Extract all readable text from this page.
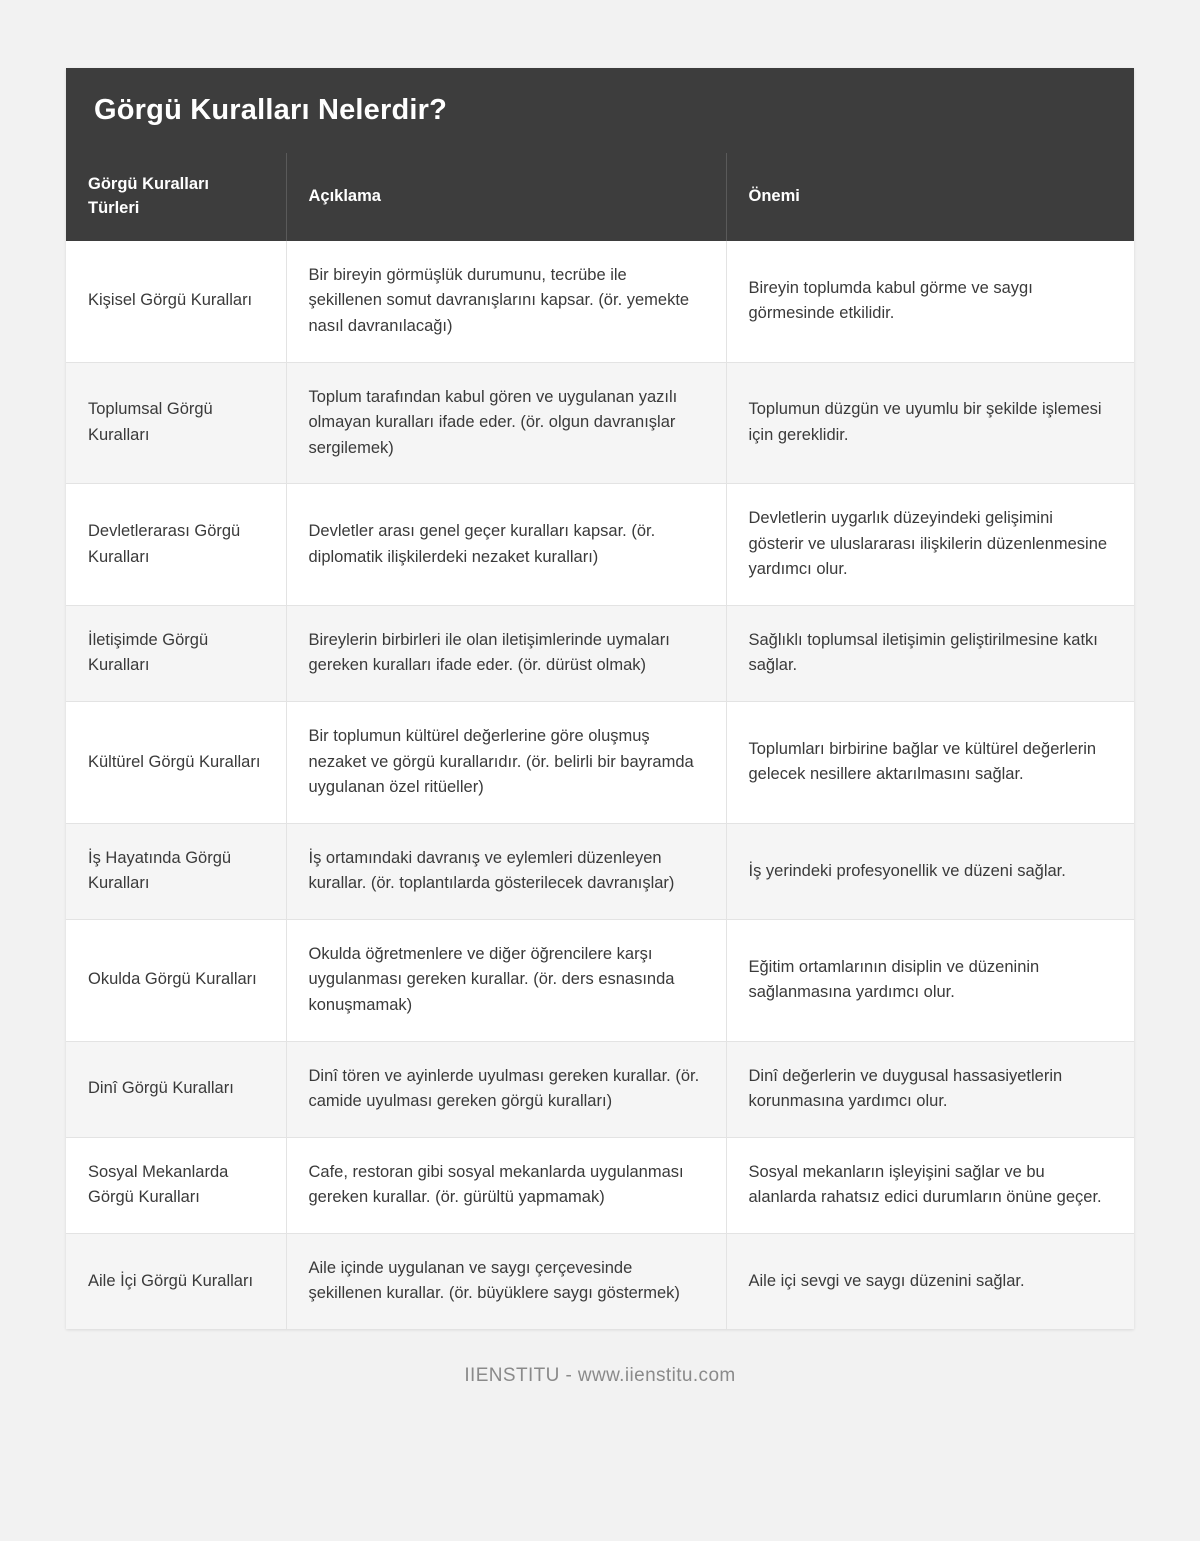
Görgü Kuralları Nelerdir?
Görgü Kuralları Türleri	Açıklama	Önemi
Kişisel Görgü Kuralları	Bir bireyin görmüşlük durumunu, tecrübe ile şekillenen somut davranışlarını kapsar. (ör. yemekte nasıl davranılacağı)	Bireyin toplumda kabul görme ve saygı görmesinde etkilidir.
Toplumsal Görgü Kuralları	Toplum tarafından kabul gören ve uygulanan yazılı olmayan kuralları ifade eder. (ör. olgun davranışlar sergilemek)	Toplumun düzgün ve uyumlu bir şekilde işlemesi için gereklidir.
Devletlerarası Görgü Kuralları	Devletler arası genel geçer kuralları kapsar. (ör. diplomatik ilişkilerdeki nezaket kuralları)	Devletlerin uygarlık düzeyindeki gelişimini gösterir ve uluslararası ilişkilerin düzenlenmesine yardımcı olur.
İletişimde Görgü Kuralları	Bireylerin birbirleri ile olan iletişimlerinde uymaları gereken kuralları ifade eder. (ör. dürüst olmak)	Sağlıklı toplumsal iletişimin geliştirilmesine katkı sağlar.
Kültürel Görgü Kuralları	Bir toplumun kültürel değerlerine göre oluşmuş nezaket ve görgü kurallarıdır. (ör. belirli bir bayramda uygulanan özel ritüeller)	Toplumları birbirine bağlar ve kültürel değerlerin gelecek nesillere aktarılmasını sağlar.
İş Hayatında Görgü Kuralları	İş ortamındaki davranış ve eylemleri düzenleyen kurallar. (ör. toplantılarda gösterilecek davranışlar)	İş yerindeki profesyonellik ve düzeni sağlar.
Okulda Görgü Kuralları	Okulda öğretmenlere ve diğer öğrencilere karşı uygulanması gereken kurallar. (ör. ders esnasında konuşmamak)	Eğitim ortamlarının disiplin ve düzeninin sağlanmasına yardımcı olur.
Dinî Görgü Kuralları	Dinî tören ve ayinlerde uyulması gereken kurallar. (ör. camide uyulması gereken görgü kuralları)	Dinî değerlerin ve duygusal hassasiyetlerin korunmasına yardımcı olur.
Sosyal Mekanlarda Görgü Kuralları	Cafe, restoran gibi sosyal mekanlarda uygulanması gereken kurallar. (ör. gürültü yapmamak)	Sosyal mekanların işleyişini sağlar ve bu alanlarda rahatsız edici durumların önüne geçer.
Aile İçi Görgü Kuralları	Aile içinde uygulanan ve saygı çerçevesinde şekillenen kurallar. (ör. büyüklere saygı göstermek)	Aile içi sevgi ve saygı düzenini sağlar.
IIENSTITU - www.iienstitu.com
